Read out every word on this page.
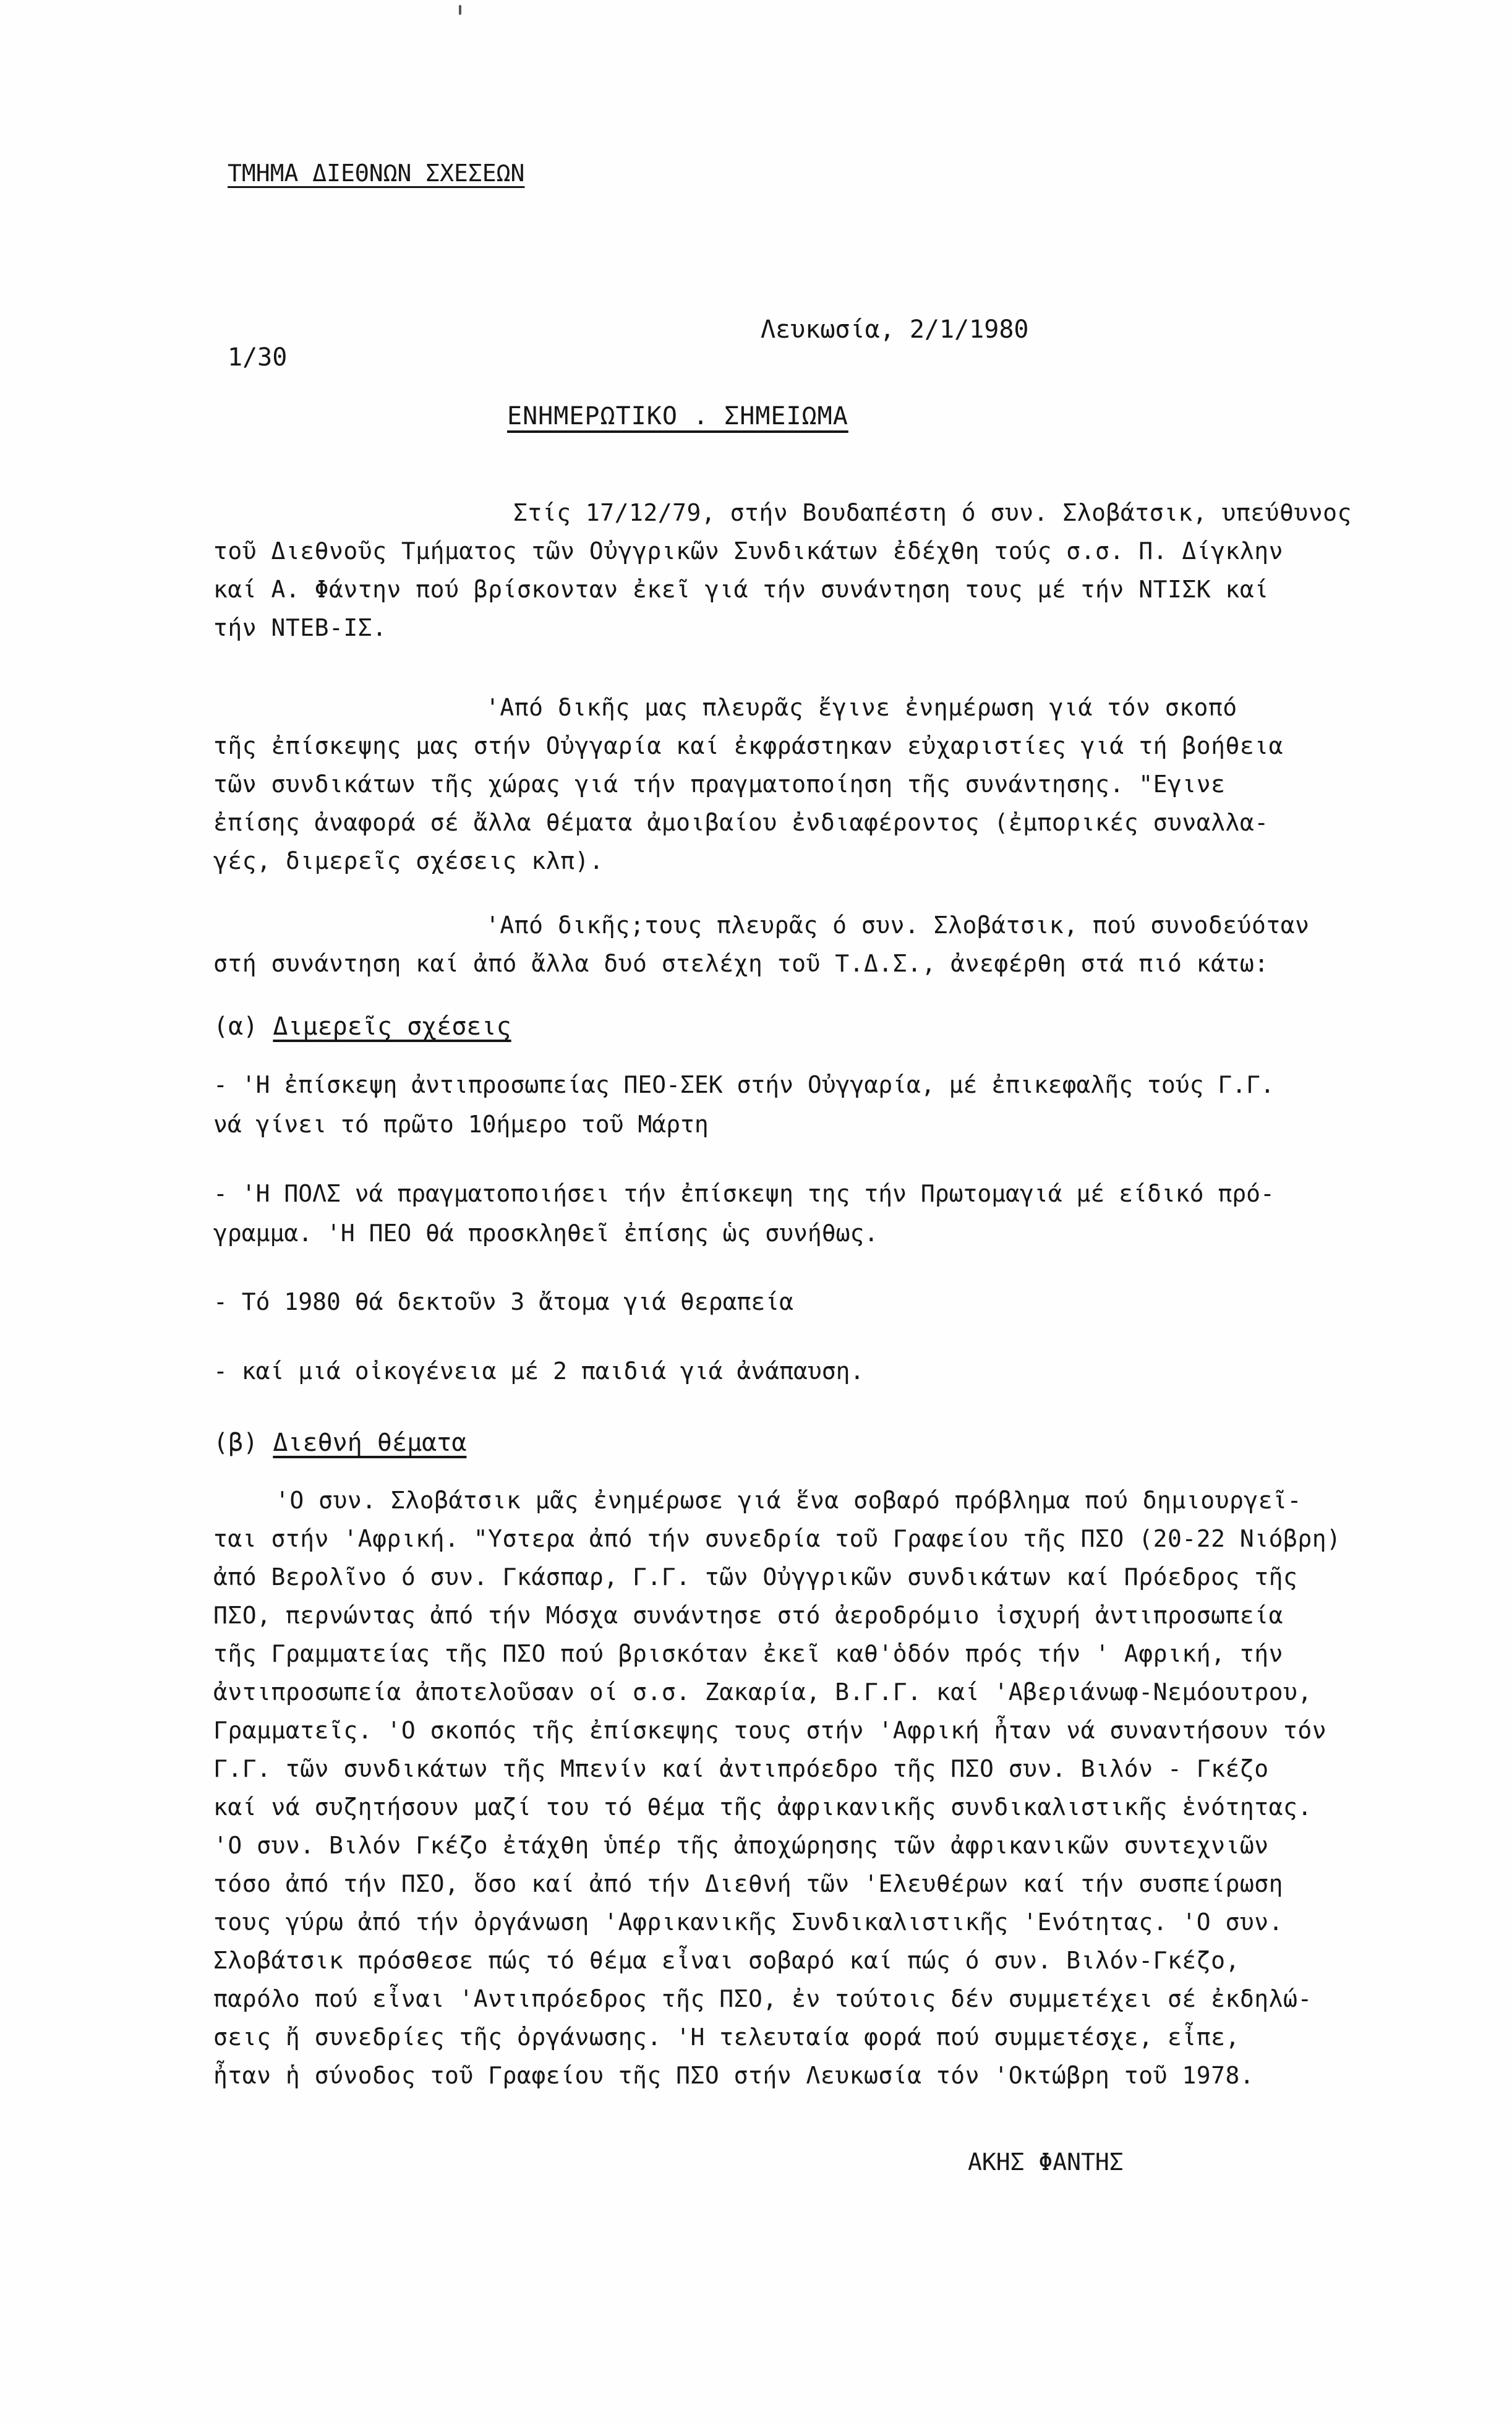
ΤΜΗΜΑ ΔΙΕΘΝΩΝ ΣΧΕΣΕΩΝ
1/30
Λευκωσία, 2/1/1980
ΕΝΗΜΕΡΩΤΙΚΟ . ΣΗΜΕΙΩΜΑ
Στίς 17/12/79, στήν Βουδαπέστη ό συν. Σλοβάτσικ, υπεύθυνος
τοῦ Διεθνοῦς Τμήματος τῶν Οὐγγρικῶν Συνδικάτων ἐδέχθη τούς σ.σ. Π. Δίγκλην
καί Α. Φάντην πού βρίσκονταν ἐκεῖ γιά τήν συνάντηση τους μέ τήν ΝΤΙΣΚ καί
τήν ΝΤΕΒ-ΙΣ.
'Από δικῆς μας πλευρᾶς ἔγινε ἐνημέρωση γιά τόν σκοπό
τῆς ἐπίσκεψης μας στήν Οὐγγαρία καί ἐκφράστηκαν εὐχαριστίες γιά τή βοήθεια
τῶν συνδικάτων τῆς χώρας γιά τήν πραγματοποίηση τῆς συνάντησης. "Εγινε
ἐπίσης ἀναφορά σέ ἄλλα θέματα ἀμοιβαίου ἐνδιαφέροντος (ἐμπορικές συναλλα-
γές, διμερεῖς σχέσεις κλπ).
'Από δικῆς;τους πλευρᾶς ό συν. Σλοβάτσικ, πού συνοδεύόταν
στή συνάντηση καί ἀπό ἄλλα δυό στελέχη τοῦ Τ.Δ.Σ., ἀνεφέρθη στά πιό κάτω:
(α) Διμερεῖς σχέσεις
- 'Η ἐπίσκεψη ἀντιπροσωπείας ΠΕΟ-ΣΕΚ στήν Οὐγγαρία, μέ ἐπικεφαλῆς τούς Γ.Γ.
νά γίνει τό πρῶτο 10ήμερο τοῦ Μάρτη
- 'Η ΠΟΛΣ νά πραγματοποιήσει τήν ἐπίσκεψη της τήν Πρωτομαγιά μέ είδικό πρό-
γραμμα. 'Η ΠΕΟ θά προσκληθεῖ ἐπίσης ὡς συνήθως.
- Τό 1980 θά δεκτοῦν 3 ἄτομα γιά θεραπεία
- καί μιά οἰκογένεια μέ 2 παιδιά γιά ἀνάπαυση.
(β) Διεθνή θέματα
'Ο συν. Σλοβάτσικ μᾶς ἐνημέρωσε γιά ἕνα σοβαρό πρόβλημα πού δημιουργεῖ-
ται στήν 'Αφρική. "Υστερα ἀπό τήν συνεδρία τοῦ Γραφείου τῆς ΠΣΟ (20-22 Νιόβρη)
ἀπό Βερολῖνο ό συν. Γκάσπαρ, Γ.Γ. τῶν Οὐγγρικῶν συνδικάτων καί Πρόεδρος τῆς
ΠΣΟ, περνώντας ἀπό τήν Μόσχα συνάντησε στό ἀεροδρόμιο ἰσχυρή ἀντιπροσωπεία
τῆς Γραμματείας τῆς ΠΣΟ πού βρισκόταν ἐκεῖ καθ'ὁδόν πρός τήν ' Αφρική, τήν
ἀντιπροσωπεία ἀποτελοῦσαν οί σ.σ. Ζακαρία, Β.Γ.Γ. καί 'Αβεριάνωφ-Νεμόουτρου,
Γραμματεῖς. 'Ο σκοπός τῆς ἐπίσκεψης τους στήν 'Αφρική ἦταν νά συναντήσουν τόν
Γ.Γ. τῶν συνδικάτων τῆς Μπενίν καί ἀντιπρόεδρο τῆς ΠΣΟ συν. Βιλόν - Γκέζο
καί νά συζητήσουν μαζί του τό θέμα τῆς ἀφρικανικῆς συνδικαλιστικῆς ἑνότητας.
'Ο συν. Βιλόν Γκέζο ἐτάχθη ὑπέρ τῆς ἀποχώρησης τῶν ἀφρικανικῶν συντεχνιῶν
τόσο ἀπό τήν ΠΣΟ, ὅσο καί ἀπό τήν Διεθνή τῶν 'Ελευθέρων καί τήν συσπείρωση
τους γύρω ἀπό τήν ὀργάνωση 'Αφρικανικῆς Συνδικαλιστικῆς 'Ενότητας. 'Ο συν.
Σλοβάτσικ πρόσθεσε πώς τό θέμα εἶναι σοβαρό καί πώς ό συν. Βιλόν-Γκέζο,
παρόλο πού εἶναι 'Αντιπρόεδρος τῆς ΠΣΟ, ἐν τούτοις δέν συμμετέχει σέ ἐκδηλώ-
σεις ἤ συνεδρίες τῆς ὀργάνωσης. 'Η τελευταία φορά πού συμμετέσχε, εἶπε,
ἦταν ἡ σύνοδος τοῦ Γραφείου τῆς ΠΣΟ στήν Λευκωσία τόν 'Οκτώβρη τοῦ 1978.
ΑΚΗΣ ΦΑΝΤΗΣ
